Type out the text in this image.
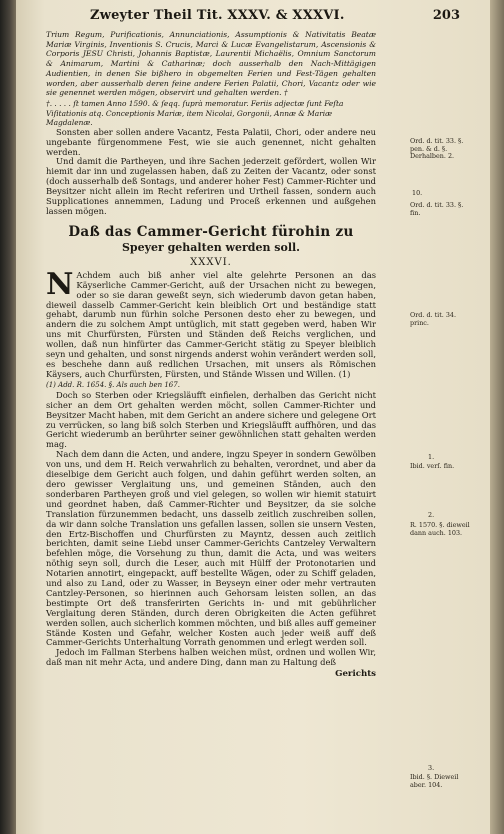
Zweyter Theil Tit. XXXV. & XXXVI.	203

Trium Regum, Purificationis, Annunciationis, Assumptionis & Nativitatis Beatæ Mariæ Virginis, Inventionis S. Crucis, Marci & Lucæ Evangelistarum, Ascensionis & Corporis JESU Christi, Johannis Baptistæ, Laurentii Michaëlis, Omnium Sanctorum & Animarum, Martini & Catharinæ; doch ausserhalb den Nach-Mittägigen Audientien, in denen Sie bißhero in obgemelten Ferien und Fest-Tägen gehalten worden, aber ausserhalb deren feine andere Ferien Palatii, Chori, Vacantz oder wie sie genennet werden mögen, observirt und gehalten werden. †

†. . . . . ſt tamen Anno 1590. & ſeqq. ſuprà memoratur. Feriis adjectæ ſunt Feſta Viſitationis atq. Conceptionis Mariæ, item Nicolai, Gorgonii, Annæ & Mariæ Magdalenæ.

Sonsten aber sollen andere Vacantz, Festa Palatii, Chori, oder andere neu ungebante fürgenommene Fest, wie sie auch genennet, nicht gehalten werden.

Und damit die Partheyen, und ihre Sachen jederzeit gefördert, wollen Wir hiemit dar inn und zugelassen haben, daß zu Zeiten der Vacantz, oder sonst (doch ausserhalb deß Sontags, und anderer hoher Fest) Cammer-Richter und Beysitzer nicht allein im Recht referiren und Urtheil fassen, sondern auch Supplicationes annemmen, Ladung und Proceß erkennen und außgehen lassen mögen.

Daß das Cammer-Gericht fürohin zu
Speyer gehalten werden soll.
XXXVI.

N Achdem auch biß anher viel alte gelehrte Personen an das Käyserliche Cammer-Gericht, auß der Ursachen nicht zu bewegen, oder so sie daran geweßt seyn, sich wiederumb davon getan haben, dieweil dasselb Cammer-Gericht kein bleiblich Ort und beständige statt gehabt, darumb nun fürhin solche Personen desto eher zu bewegen, und andern die zu solchem Ampt untüglich, mit statt gegeben werd, haben Wir uns mit Churfürsten, Fürsten und Ständen deß Reichs verglichen, und wollen, daß nun hinfürter das Cammer-Gericht stätig zu Speyer bleiblich seyn und gehalten, und sonst nirgends anderst wohin verändert werden soll, es beschehe dann auß redlichen Ursachen, mit unsers als Römischen Käysers, auch Churfürsten, Fürsten, und Stände Wissen und Willen. (1)

(1) Add. R. 1654. §. Als auch ben 167.

Doch so Sterben oder Kriegsläufft einfielen, derhalben das Gericht nicht sicher an dem Ort gehalten werden möcht, sollen Cammer-Richter und Beysitzer Macht haben, mit dem Gericht an andere sichere und gelegene Ort zu verrücken, so lang biß solch Sterben und Kriegsläufft auffhören, und das Gericht wiederumb an berührter seiner gewöhnlichen statt gehalten werden mag.

Nach dem dann die Acten, und andere, ingzu Speyer in sondern Gewölben von uns, und dem H. Reich verwahrlich zu behalten, verordnet, und aber da dieselbige dem Gericht auch folgen, und dahin geführt werden solten, an dero gewisser Verglaitung uns, und gemeinen Ständen, auch den sonderbaren Partheyen groß und viel gelegen, so wollen wir hiemit statuirt und geordnet haben, daß Cammer-Richter und Beysitzer, da sie solche Translation fürzunemmen bedacht, uns dasselb zeitlich zuschreiben sollen, da wir dann solche Translation uns gefallen lassen, sollen sie unsern Vesten, den Ertz-Bischoffen und Churfürsten zu Mayntz, dessen auch zeitlich berichten, damit seine Liebd unser Cammer-Gerichts Cantzeley Verwaltern befehlen möge, die Vorsehung zu thun, damit die Acta, und was weiters nöthig seyn soll, durch die Leser, auch mit Hülff der Protonotarien und Notarien annotirt, eingepackt, auff bestellte Wägen, oder zu Schiff geladen, und also zu Land, oder zu Wasser, in Beyseyn einer oder mehr vertrauten Cantzley-Personen, so hierinnen auch Gehorsam leisten sollen, an das bestimpte Ort deß transferirten Gerichts in- und mit gebührlicher Verglaitung deren Ständen, durch deren Obrigkeiten die Acten geführet werden sollen, auch sicherlich kommen möchten, und biß alles auff gemeiner Stände Kosten und Gefahr, welcher Kosten auch jeder weiß auff deß Cammer-Gerichts Unterhaltung Vorrath genommen und erlegt werden soll.

Jedoch im Fallman Sterbens halben weichen müst, ordnen und wollen Wir, daß man nit mehr Acta, und andere Ding, dann man zu Haltung deß

Gerichts
Ord. d. tit. 33. §. pen. & d. §. Derhalben. 2.
10.
Ord. d. tit. 33. §. fin.
Ord. d. tit. 34. princ.
1.
Ibid. verſ. fin.
2.
R. 1570. §. dieweil dann auch. 103.
3.
Ibid. §. Dieweil aber. 104.
